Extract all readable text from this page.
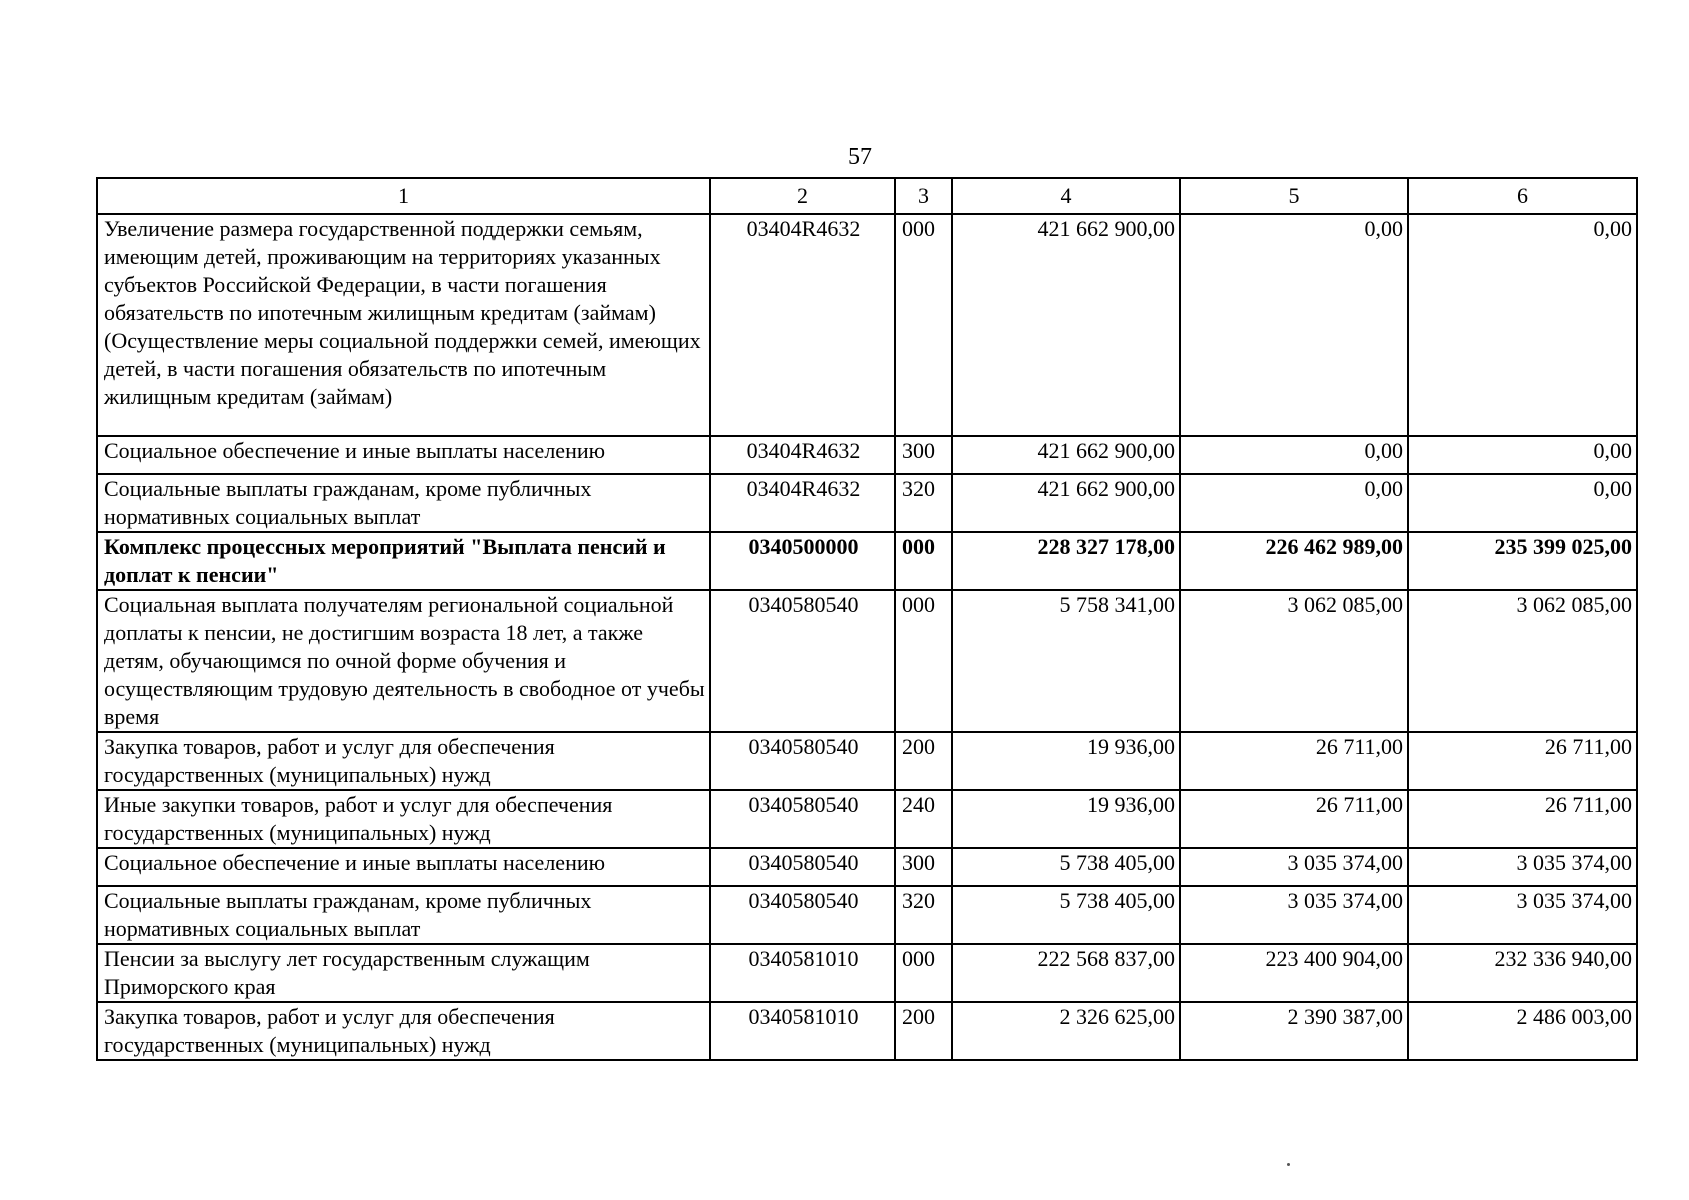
57
1	2	3	4	5	6
Увеличение размера государственной поддержки семьям, имеющим детей, проживающим на территориях указанных субъектов Российской Федерации, в части погашения обязательств по ипотечным жилищным кредитам (займам) (Осуществление меры социальной поддержки семей, имеющих детей, в части погашения обязательств по ипотечным жилищным кредитам (займам)	03404R4632	000	421 662 900,00	0,00	0,00
Социальное обеспечение и иные выплаты населению	03404R4632	300	421 662 900,00	0,00	0,00
Социальные выплаты гражданам, кроме публичных нормативных социальных выплат	03404R4632	320	421 662 900,00	0,00	0,00
Комплекс процессных мероприятий "Выплата пенсий и доплат к пенсии"	0340500000	000	228 327 178,00	226 462 989,00	235 399 025,00
Социальная выплата получателям региональной социальной доплаты к пенсии, не достигшим возраста 18 лет, а также детям, обучающимся по очной форме обучения и осуществляющим трудовую деятельность в свободное от учебы время	0340580540	000	5 758 341,00	3 062 085,00	3 062 085,00
Закупка товаров, работ и услуг для обеспечения государственных (муниципальных) нужд	0340580540	200	19 936,00	26 711,00	26 711,00
Иные закупки товаров, работ и услуг для обеспечения государственных (муниципальных) нужд	0340580540	240	19 936,00	26 711,00	26 711,00
Социальное обеспечение и иные выплаты населению	0340580540	300	5 738 405,00	3 035 374,00	3 035 374,00
Социальные выплаты гражданам, кроме публичных нормативных социальных выплат	0340580540	320	5 738 405,00	3 035 374,00	3 035 374,00
Пенсии за выслугу лет государственным служащим Приморского края	0340581010	000	222 568 837,00	223 400 904,00	232 336 940,00
Закупка товаров, работ и услуг для обеспечения государственных (муниципальных) нужд	0340581010	200	2 326 625,00	2 390 387,00	2 486 003,00
